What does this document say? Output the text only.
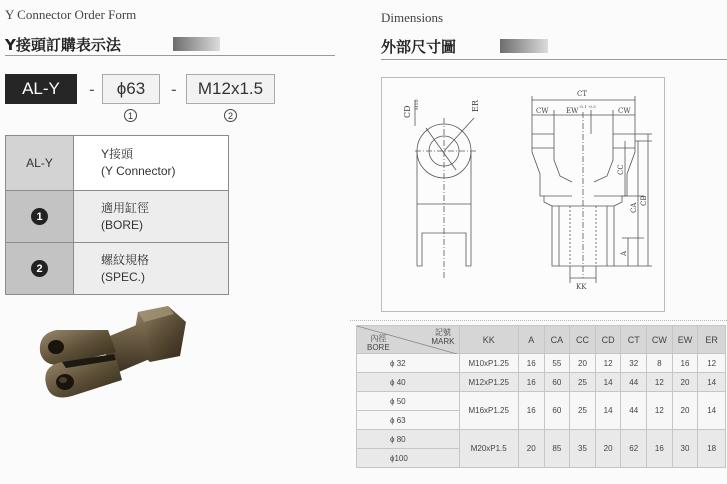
Y Connector Order Form
Y接頭訂購表示法
Dimensions
外部尺寸圖
AL-Y	-	ϕ63	-	M12x1.5
1	2
AL-Y	Y接頭
(Y Connector)

1	適用缸徑
(BORE)

2	螺紋規格
(SPEC.)
CD
H10	ER
CT
CW EW
-0.1 -0.3
CW
CC
CA
CB
A
KK
記號
MARK
內徑
BORE	KK	A	CA	CC	CD	CT	CW	EW	ER
ϕ 32	M10xP1.25	16	55	20	12	32	8	16	12
ϕ 40	M12xP1.25	16	60	25	14	44	12	20	14
ϕ 50	M16xP1.25	16	60	25	14	44	12	20	14
ϕ 63									
ϕ 80	M20xP1.5	20	85	35	20	62	16	30	18
ϕ100									
